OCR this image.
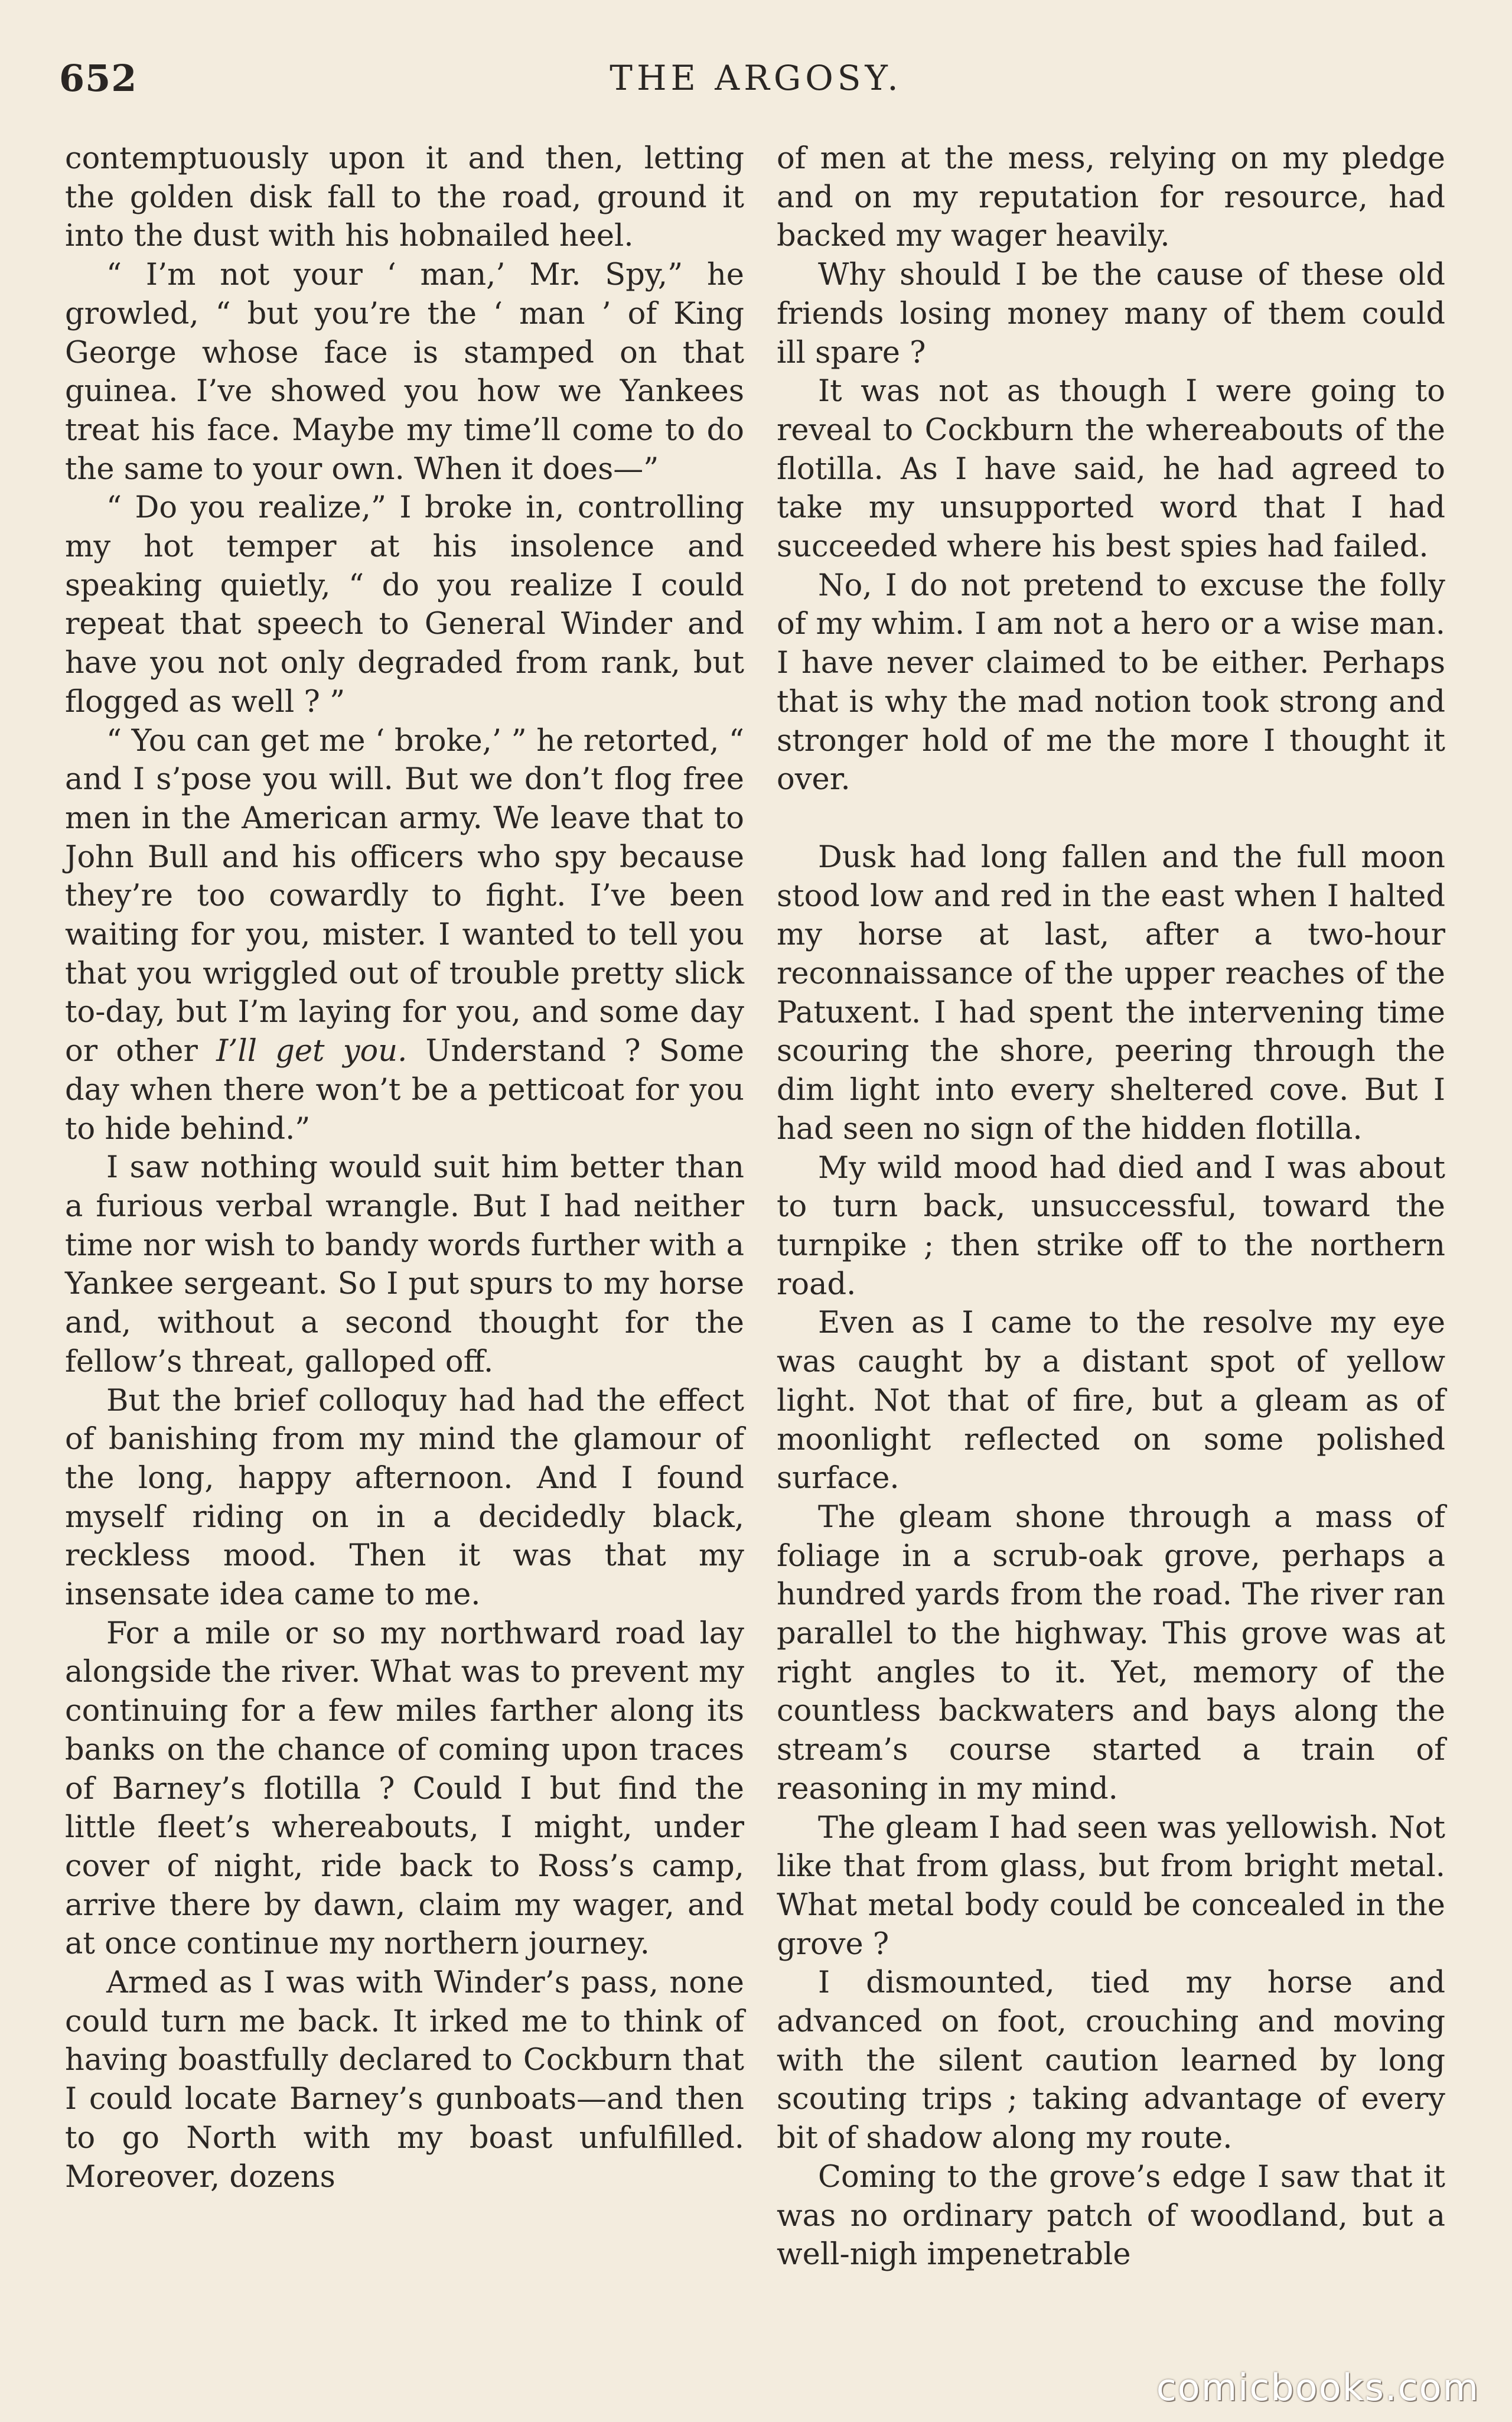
652	THE ARGOSY.

contemptuously upon it and then, letting the golden disk fall to the road, ground it into the dust with his hobnailed heel.

“ I’m not your ‘ man,’ Mr. Spy,” he growled, “ but you’re the ‘ man ’ of King George whose face is stamped on that guinea. I’ve showed you how we Yankees treat his face. Maybe my time’ll come to do the same to your own. When it does—”

“ Do you realize,” I broke in, controlling my hot temper at his insolence and speaking quietly, “ do you realize I could repeat that speech to General Winder and have you not only degraded from rank, but flogged as well ? ”

“ You can get me ‘ broke,’ ” he retorted, “ and I s’pose you will. But we don’t flog free men in the American army. We leave that to John Bull and his officers who spy because they’re too cowardly to fight. I’ve been waiting for you, mister. I wanted to tell you that you wriggled out of trouble pretty slick to-day, but I’m laying for you, and some day or other I’ll get you. Understand ? Some day when there won’t be a petticoat for you to hide behind.”

I saw nothing would suit him better than a furious verbal wrangle. But I had neither time nor wish to bandy words further with a Yankee sergeant. So I put spurs to my horse and, without a second thought for the fellow’s threat, galloped off.

But the brief colloquy had had the effect of banishing from my mind the glamour of the long, happy afternoon. And I found myself riding on in a decidedly black, reckless mood. Then it was that my insensate idea came to me.

For a mile or so my northward road lay alongside the river. What was to prevent my continuing for a few miles farther along its banks on the chance of coming upon traces of Barney’s flotilla ? Could I but find the little fleet’s whereabouts, I might, under cover of night, ride back to Ross’s camp, arrive there by dawn, claim my wager, and at once continue my northern journey.

Armed as I was with Winder’s pass, none could turn me back. It irked me to think of having boastfully declared to Cockburn that I could locate Barney’s gunboats—and then to go North with my boast unfulfilled. Moreover, dozens

of men at the mess, relying on my pledge and on my reputation for resource, had backed my wager heavily.

Why should I be the cause of these old friends losing money many of them could ill spare ?

It was not as though I were going to reveal to Cockburn the whereabouts of the flotilla. As I have said, he had agreed to take my unsupported word that I had succeeded where his best spies had failed.

No, I do not pretend to excuse the folly of my whim. I am not a hero or a wise man. I have never claimed to be either. Perhaps that is why the mad notion took strong and stronger hold of me the more I thought it over.

Dusk had long fallen and the full moon stood low and red in the east when I halted my horse at last, after a two-hour reconnaissance of the upper reaches of the Patuxent. I had spent the intervening time scouring the shore, peering through the dim light into every sheltered cove. But I had seen no sign of the hidden flotilla.

My wild mood had died and I was about to turn back, unsuccessful, toward the turnpike ; then strike off to the northern road.

Even as I came to the resolve my eye was caught by a distant spot of yellow light. Not that of fire, but a gleam as of moonlight reflected on some polished surface.

The gleam shone through a mass of foliage in a scrub-oak grove, perhaps a hundred yards from the road. The river ran parallel to the highway. This grove was at right angles to it. Yet, memory of the countless backwaters and bays along the stream’s course started a train of reasoning in my mind.

The gleam I had seen was yellowish. Not like that from glass, but from bright metal. What metal body could be concealed in the grove ?

I dismounted, tied my horse and advanced on foot, crouching and moving with the silent caution learned by long scouting trips ; taking advantage of every bit of shadow along my route.

Coming to the grove’s edge I saw that it was no ordinary patch of woodland, but a well-nigh impenetrable

comicbooks.com
